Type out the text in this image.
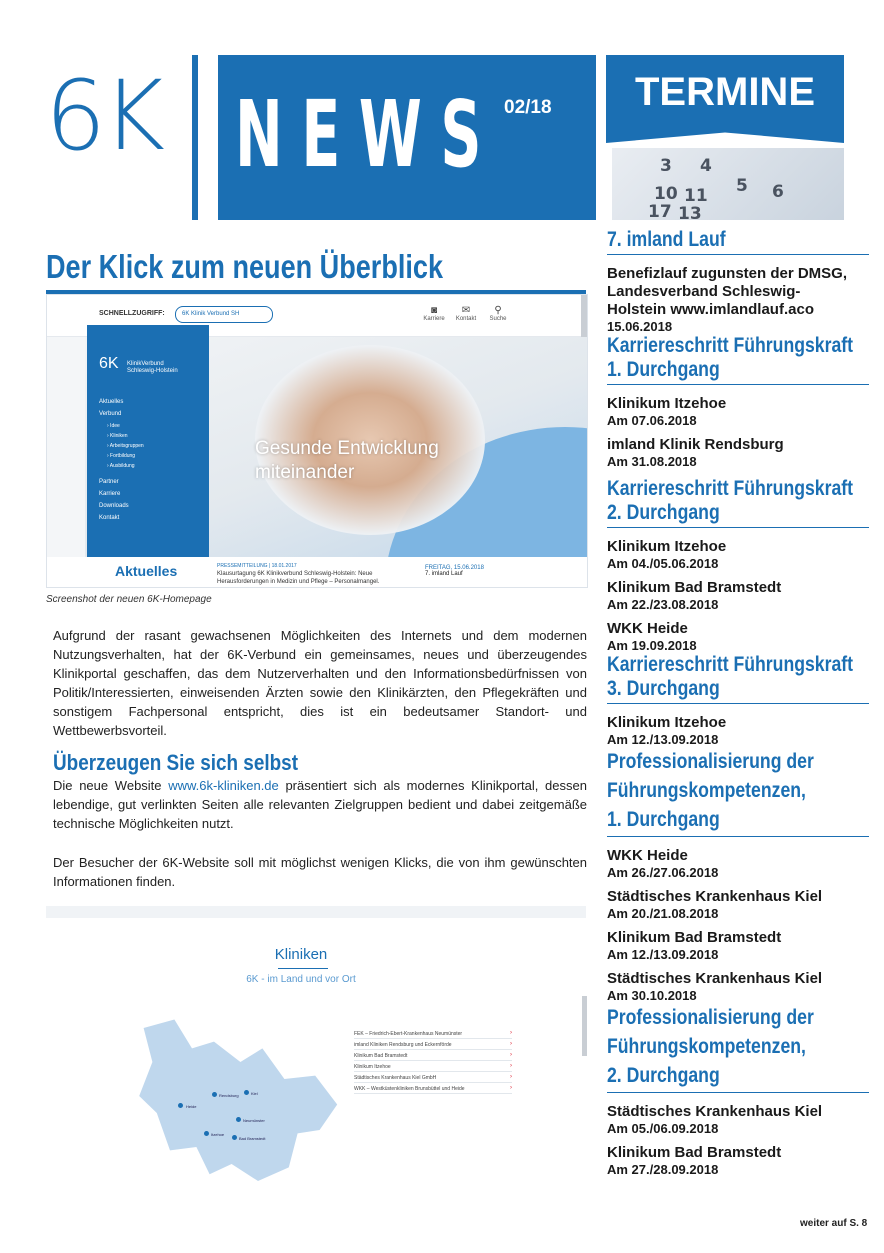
6K NEWS 02/18	TERMINE
3 4
5 6
10 11
17 13
Der Klick zum neuen Überblick
SCHNELLZUGRIFF:	6K Klinik Verbund SH	◙
Karriere
✉
Kontakt
⚲
Suche
Gesunde Entwicklung
miteinander
6K KlinikVerbund
Schleswig-Holstein
Aktuelles
Verbund
› Idee
› Kliniken
› Arbeitsgruppen
› Fortbildung
› Ausbildung
Partner
Karriere
Downloads
Kontakt
Aktuelles	PRESSEMITTEILUNG | 18.01.2017
Klausurtagung 6K Klinikverbund Schleswig-Holstein: Neue Herausforderungen in Medizin und Pflege – Personalmangel.
FREITAG, 15.06.2018
7. imland Lauf
Screenshot der neuen 6K-Homepage
Aufgrund der rasant gewachsenen Möglichkeiten des Internets und dem modernen Nutzungsverhalten, hat der 6K-Verbund ein gemeinsames, neues und überzeugendes Klinikportal geschaffen, das dem Nutzerverhalten und den Informationsbedürfnissen von Politik/Interessierten, einweisenden Ärzten sowie den Klinikärzten, den Pflegekräften und sonstigem Fachpersonal entspricht, dies ist ein bedeutsamer Standort- und Wettbewerbsvorteil.
Überzeugen Sie sich selbst
Die neue Website www.6k-kliniken.de präsentiert sich als modernes Klinikportal, dessen lebendige, gut verlinkten Seiten alle relevanten Zielgruppen bedient und dabei zeitgemäße technische Möglichkeiten nutzt.
Der Besucher der 6K-Website soll mit möglichst wenigen Klicks, die von ihm gewünschten Informationen finden.
Kliniken
6K - im Land und vor Ort
Heide
Rendsburg	Kiel
Neumünster
Itzehoe
Bad Bramstedt
FEK – Friedrich-Ebert-Krankenhaus Neumünster	›
imland Kliniken Rendsburg und Eckernförde	›
Klinikum Bad Bramstedt	›
Klinikum Itzehoe	›
Städtisches Krankenhaus Kiel GmbH	›
WKK – Westküstenkliniken Brunsbüttel und Heide	›
7. imland Lauf
Benefizlauf zugunsten der DMSG,
Landesverband Schleswig-
Holstein www.imlandlauf.aco
15.06.2018
Karriereschritt Führungskraft
1. Durchgang
Klinikum Itzehoe
Am 07.06.2018
imland Klinik Rendsburg
Am 31.08.2018
Karriereschritt Führungskraft
2. Durchgang
Klinikum Itzehoe
Am 04./05.06.2018
Klinikum Bad Bramstedt
Am 22./23.08.2018
WKK Heide
Am 19.09.2018
Karriereschritt Führungskraft
3. Durchgang
Klinikum Itzehoe
Am 12./13.09.2018
Professionalisierung der
Führungskompetenzen,
1. Durchgang
WKK Heide
Am 26./27.06.2018
Städtisches Krankenhaus Kiel
Am 20./21.08.2018
Klinikum Bad Bramstedt
Am 12./13.09.2018
Städtisches Krankenhaus Kiel
Am 30.10.2018
Professionalisierung der
Führungskompetenzen,
2. Durchgang
Städtisches Krankenhaus Kiel
Am 05./06.09.2018
Klinikum Bad Bramstedt
Am 27./28.09.2018
weiter auf S. 8
